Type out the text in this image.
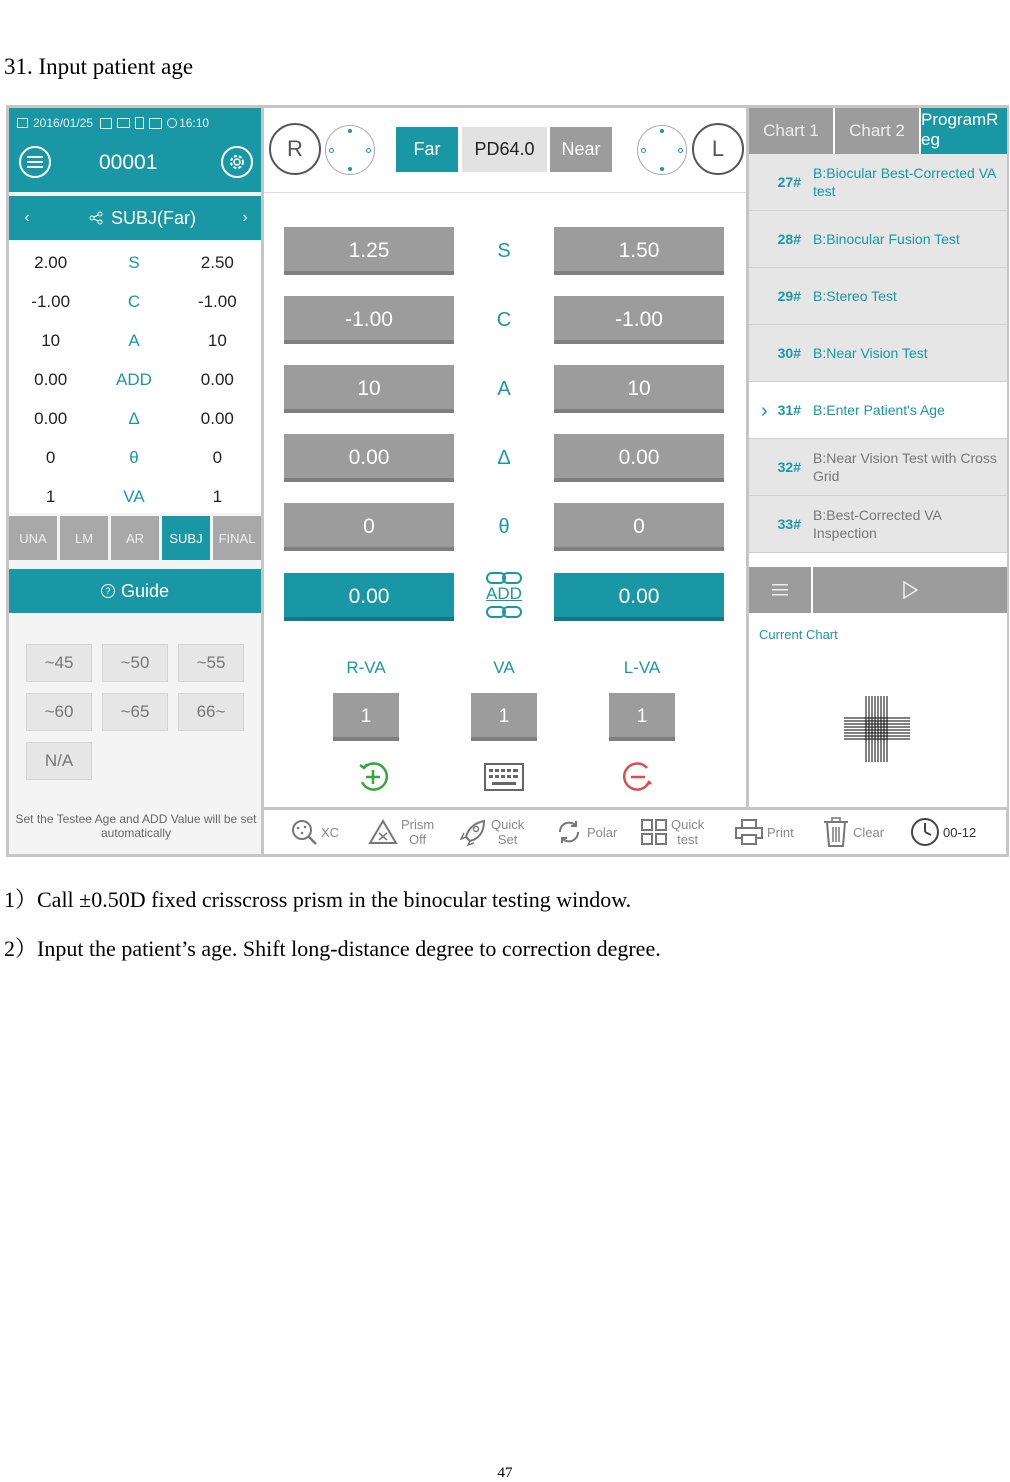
31. Input patient age
2016/01/25	16:10
00001
‹	SUBJ(Far)	›
2.00	S	2.50
-1.00	C	-1.00
10	A	10
0.00	ADD	0.00
0.00	Δ	0.00
0	θ	0
1	VA	1
UNA	LM	AR	SUBJ	FINAL
? Guide
~45	~50	~55
~60	~65	66~
N/A
Set the Testee Age and ADD Value will be set automatically
R	Far	PD64.0	Near	L
1.25	S	1.50
-1.00	C	-1.00
10	A	10
0.00	Δ	0.00
0	θ	0
0.00	ADD	0.00
R-VA	VA	L-VA
1	1	1
XC	Prism
Off
Quick
Set	Polar	Quick
test	Print	Clear	00-12
Chart 1	Chart 2
ProgramReg
27#
B:Biocular Best-Corrected VA test
28# B:Binocular Fusion Test
29# B:Stereo Test
30# B:Near Vision Test
› 31# B:Enter Patient's Age
32#
B:Near Vision Test with Cross Grid
33#
B:Best-Corrected VA Inspection
Current Chart
1）Call ±0.50D fixed crisscross prism in the binocular testing window.
2）Input the patient’s age. Shift long-distance degree to correction degree.
47
